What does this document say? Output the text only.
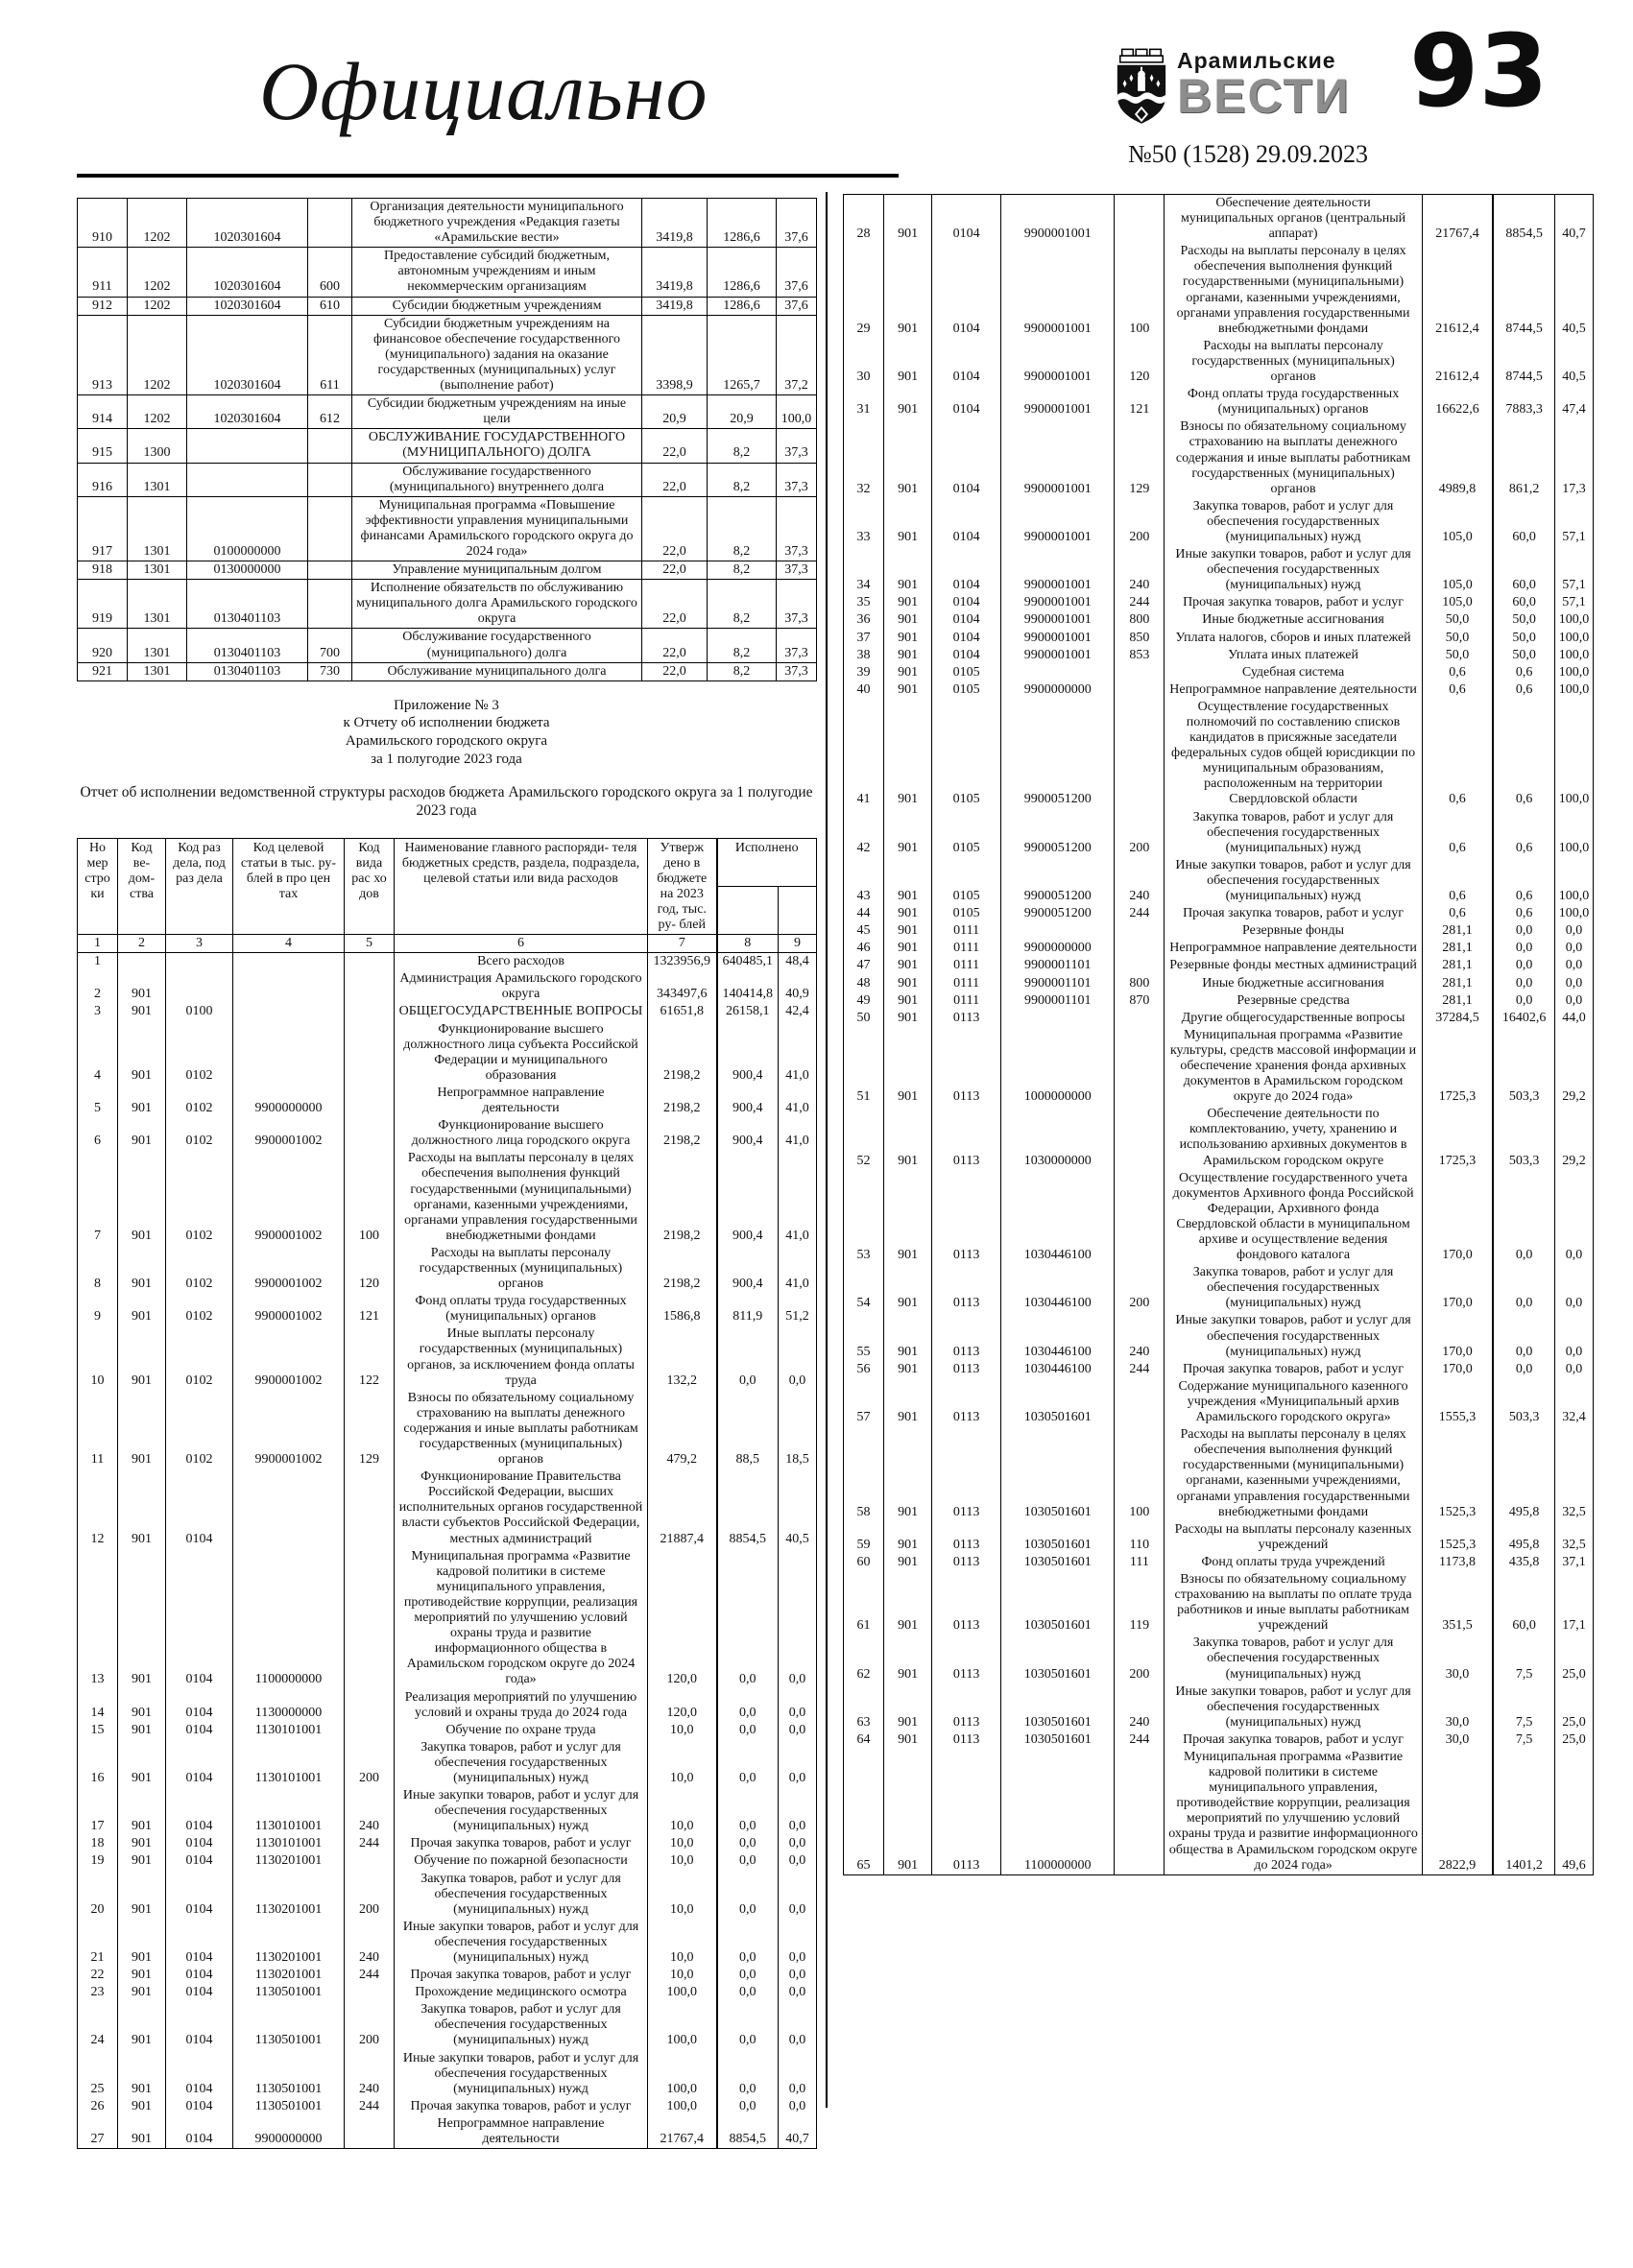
Официально	Арамильские
ВЕСТИ
№50 (1528) 29.09.2023
93
910	1202	1020301604		Организация деятельности муниципального бюджетного учреждения «Редакция газеты «Арамильские вести»	3419,8	1286,6	37,6
911	1202	1020301604	600	Предоставление субсидий бюджетным, автономным учреждениям и иным некоммерческим организациям	3419,8	1286,6	37,6
912	1202	1020301604	610	Субсидии бюджетным учреждениям	3419,8	1286,6	37,6
913	1202	1020301604	611	Субсидии бюджетным учреждениям на финансовое обеспечение государственного (муниципального) задания на оказание государственных (муниципальных) услуг (выполнение работ)	3398,9	1265,7	37,2
914	1202	1020301604	612	Субсидии бюджетным учреждениям на иные цели	20,9	20,9	100,0
915	1300			ОБСЛУЖИВАНИЕ ГОСУДАРСТВЕННОГО (МУНИЦИПАЛЬНОГО) ДОЛГА	22,0	8,2	37,3
916	1301			Обслуживание государственного (муниципального) внутреннего долга	22,0	8,2	37,3
917	1301	0100000000		Муниципальная программа «Повышение эффективности управления муниципальными финансами Арамильского городского округа до 2024 года»	22,0	8,2	37,3
918	1301	0130000000		Управление муниципальным долгом	22,0	8,2	37,3
919	1301	0130401103		Исполнение обязательств по обслуживанию муниципального долга Арамильского городского округа	22,0	8,2	37,3
920	1301	0130401103	700	Обслуживание государственного (муниципального) долга	22,0	8,2	37,3
921	1301	0130401103	730	Обслуживание муниципального долга	22,0	8,2	37,3
Приложение № 3
к Отчету об исполнении бюджета
Арамильского городского округа
за 1 полугодие 2023 года
Отчет об исполнении ведомственной структуры расходов бюджета Арамильского городского округа за 1 полугодие 2023 года
Но мер стро ки	Код ве- дом- ства	Код раз дела, под раз дела	Код целевой статьи в тыс. ру- блей в про цен тах	Код вида рас хо дов	Наименование главного распоряди- теля бюджетных средств, раздела, подраздела, целевой статьи или вида расходов	Утверж дено в бюджете на 2023 год, тыс. ру- блей	Исполнено	

1	2	3	4	5	6	7	8	9
1					Всего расходов	1323956,9	640485,1	48,4
2	901				Администрация Арамильского городского округа	343497,6	140414,8	40,9
3	901	0100			ОБЩЕГОСУДАРСТВЕННЫЕ ВОПРОСЫ	61651,8	26158,1	42,4
4	901	0102			Функционирование высшего должностного лица субъекта Российской Федерации и муниципального образования	2198,2	900,4	41,0
5	901	0102	9900000000		Непрограммное направление деятельности	2198,2	900,4	41,0
6	901	0102	9900001002		Функционирование высшего должностного лица городского округа	2198,2	900,4	41,0
7	901	0102	9900001002	100	Расходы на выплаты персоналу в целях обеспечения выполнения функций государственными (муниципальными) органами, казенными учреждениями, органами управления государственными внебюджетными фондами	2198,2	900,4	41,0
8	901	0102	9900001002	120	Расходы на выплаты персоналу государственных (муниципальных) органов	2198,2	900,4	41,0
9	901	0102	9900001002	121	Фонд оплаты труда государственных (муниципальных) органов	1586,8	811,9	51,2
10	901	0102	9900001002	122	Иные выплаты персоналу государственных (муниципальных) органов, за исключением фонда оплаты труда	132,2	0,0	0,0
11	901	0102	9900001002	129	Взносы по обязательному социальному страхованию на выплаты денежного содержания и иные выплаты работникам государственных (муниципальных) органов	479,2	88,5	18,5
12	901	0104			Функционирование Правительства Российской Федерации, высших исполнительных органов государственной власти субъектов Российской Федерации, местных администраций	21887,4	8854,5	40,5
13	901	0104	1100000000		Муниципальная программа «Развитие кадровой политики в системе муниципального управления, противодействие коррупции, реализация мероприятий по улучшению условий охраны труда и развитие информационного общества в Арамильском городском округе до 2024 года»	120,0	0,0	0,0
14	901	0104	1130000000		Реализация мероприятий по улучшению условий и охраны труда до 2024 года	120,0	0,0	0,0
15	901	0104	1130101001		Обучение по охране труда	10,0	0,0	0,0
16	901	0104	1130101001	200	Закупка товаров, работ и услуг для обеспечения государственных (муниципальных) нужд	10,0	0,0	0,0
17	901	0104	1130101001	240	Иные закупки товаров, работ и услуг для обеспечения государственных (муниципальных) нужд	10,0	0,0	0,0
18	901	0104	1130101001	244	Прочая закупка товаров, работ и услуг	10,0	0,0	0,0
19	901	0104	1130201001		Обучение по пожарной безопасности	10,0	0,0	0,0
20	901	0104	1130201001	200	Закупка товаров, работ и услуг для обеспечения государственных (муниципальных) нужд	10,0	0,0	0,0
21	901	0104	1130201001	240	Иные закупки товаров, работ и услуг для обеспечения государственных (муниципальных) нужд	10,0	0,0	0,0
22	901	0104	1130201001	244	Прочая закупка товаров, работ и услуг	10,0	0,0	0,0
23	901	0104	1130501001		Прохождение медицинского осмотра	100,0	0,0	0,0
24	901	0104	1130501001	200	Закупка товаров, работ и услуг для обеспечения государственных (муниципальных) нужд	100,0	0,0	0,0
25	901	0104	1130501001	240	Иные закупки товаров, работ и услуг для обеспечения государственных (муниципальных) нужд	100,0	0,0	0,0
26	901	0104	1130501001	244	Прочая закупка товаров, работ и услуг	100,0	0,0	0,0
27	901	0104	9900000000		Непрограммное направление деятельности	21767,4	8854,5	40,7
28	901	0104	9900001001		Обеспечение деятельности муниципальных органов (центральный аппарат)	21767,4	8854,5	40,7
29	901	0104	9900001001	100	Расходы на выплаты персоналу в целях обеспечения выполнения функций государственными (муниципальными) органами, казенными учреждениями, органами управления государственными внебюджетными фондами	21612,4	8744,5	40,5
30	901	0104	9900001001	120	Расходы на выплаты персоналу государственных (муниципальных) органов	21612,4	8744,5	40,5
31	901	0104	9900001001	121	Фонд оплаты труда государственных (муниципальных) органов	16622,6	7883,3	47,4
32	901	0104	9900001001	129	Взносы по обязательному социальному страхованию на выплаты денежного содержания и иные выплаты работникам государственных (муниципальных) органов	4989,8	861,2	17,3
33	901	0104	9900001001	200	Закупка товаров, работ и услуг для обеспечения государственных (муниципальных) нужд	105,0	60,0	57,1
34	901	0104	9900001001	240	Иные закупки товаров, работ и услуг для обеспечения государственных (муниципальных) нужд	105,0	60,0	57,1
35	901	0104	9900001001	244	Прочая закупка товаров, работ и услуг	105,0	60,0	57,1
36	901	0104	9900001001	800	Иные бюджетные ассигнования	50,0	50,0	100,0
37	901	0104	9900001001	850	Уплата налогов, сборов и иных платежей	50,0	50,0	100,0
38	901	0104	9900001001	853	Уплата иных платежей	50,0	50,0	100,0
39	901	0105			Судебная система	0,6	0,6	100,0
40	901	0105	9900000000		Непрограммное направление деятельности	0,6	0,6	100,0
41	901	0105	9900051200		Осуществление государственных полномочий по составлению списков кандидатов в присяжные заседатели федеральных судов общей юрисдикции по муниципальным образованиям, расположенным на территории Свердловской области	0,6	0,6	100,0
42	901	0105	9900051200	200	Закупка товаров, работ и услуг для обеспечения государственных (муниципальных) нужд	0,6	0,6	100,0
43	901	0105	9900051200	240	Иные закупки товаров, работ и услуг для обеспечения государственных (муниципальных) нужд	0,6	0,6	100,0
44	901	0105	9900051200	244	Прочая закупка товаров, работ и услуг	0,6	0,6	100,0
45	901	0111			Резервные фонды	281,1	0,0	0,0
46	901	0111	9900000000		Непрограммное направление деятельности	281,1	0,0	0,0
47	901	0111	9900001101		Резервные фонды местных администраций	281,1	0,0	0,0
48	901	0111	9900001101	800	Иные бюджетные ассигнования	281,1	0,0	0,0
49	901	0111	9900001101	870	Резервные средства	281,1	0,0	0,0
50	901	0113			Другие общегосударственные вопросы	37284,5	16402,6	44,0
51	901	0113	1000000000		Муниципальная программа «Развитие культуры, средств массовой информации и обеспечение хранения фонда архивных документов в Арамильском городском округе до 2024 года»	1725,3	503,3	29,2
52	901	0113	1030000000		Обеспечение деятельности по комплектованию, учету, хранению и использованию архивных документов в Арамильском городском округе	1725,3	503,3	29,2
53	901	0113	1030446100		Осуществление государственного учета документов Архивного фонда Российской Федерации, Архивного фонда Свердловской области в муниципальном архиве и осуществление ведения фондового каталога	170,0	0,0	0,0
54	901	0113	1030446100	200	Закупка товаров, работ и услуг для обеспечения государственных (муниципальных) нужд	170,0	0,0	0,0
55	901	0113	1030446100	240	Иные закупки товаров, работ и услуг для обеспечения государственных (муниципальных) нужд	170,0	0,0	0,0
56	901	0113	1030446100	244	Прочая закупка товаров, работ и услуг	170,0	0,0	0,0
57	901	0113	1030501601		Содержание муниципального казенного учреждения «Муниципальный архив Арамильского городского округа»	1555,3	503,3	32,4
58	901	0113	1030501601	100	Расходы на выплаты персоналу в целях обеспечения выполнения функций государственными (муниципальными) органами, казенными учреждениями, органами управления государственными внебюджетными фондами	1525,3	495,8	32,5
59	901	0113	1030501601	110	Расходы на выплаты персоналу казенных учреждений	1525,3	495,8	32,5
60	901	0113	1030501601	111	Фонд оплаты труда учреждений	1173,8	435,8	37,1
61	901	0113	1030501601	119	Взносы по обязательному социальному страхованию на выплаты по оплате труда работников и иные выплаты работникам учреждений	351,5	60,0	17,1
62	901	0113	1030501601	200	Закупка товаров, работ и услуг для обеспечения государственных (муниципальных) нужд	30,0	7,5	25,0
63	901	0113	1030501601	240	Иные закупки товаров, работ и услуг для обеспечения государственных (муниципальных) нужд	30,0	7,5	25,0
64	901	0113	1030501601	244	Прочая закупка товаров, работ и услуг	30,0	7,5	25,0
65	901	0113	1100000000		Муниципальная программа «Развитие кадровой политики в системе муниципального управления, противодействие коррупции, реализация мероприятий по улучшению условий охраны труда и развитие информационного общества в Арамильском городском округе до 2024 года»	2822,9	1401,2	49,6
